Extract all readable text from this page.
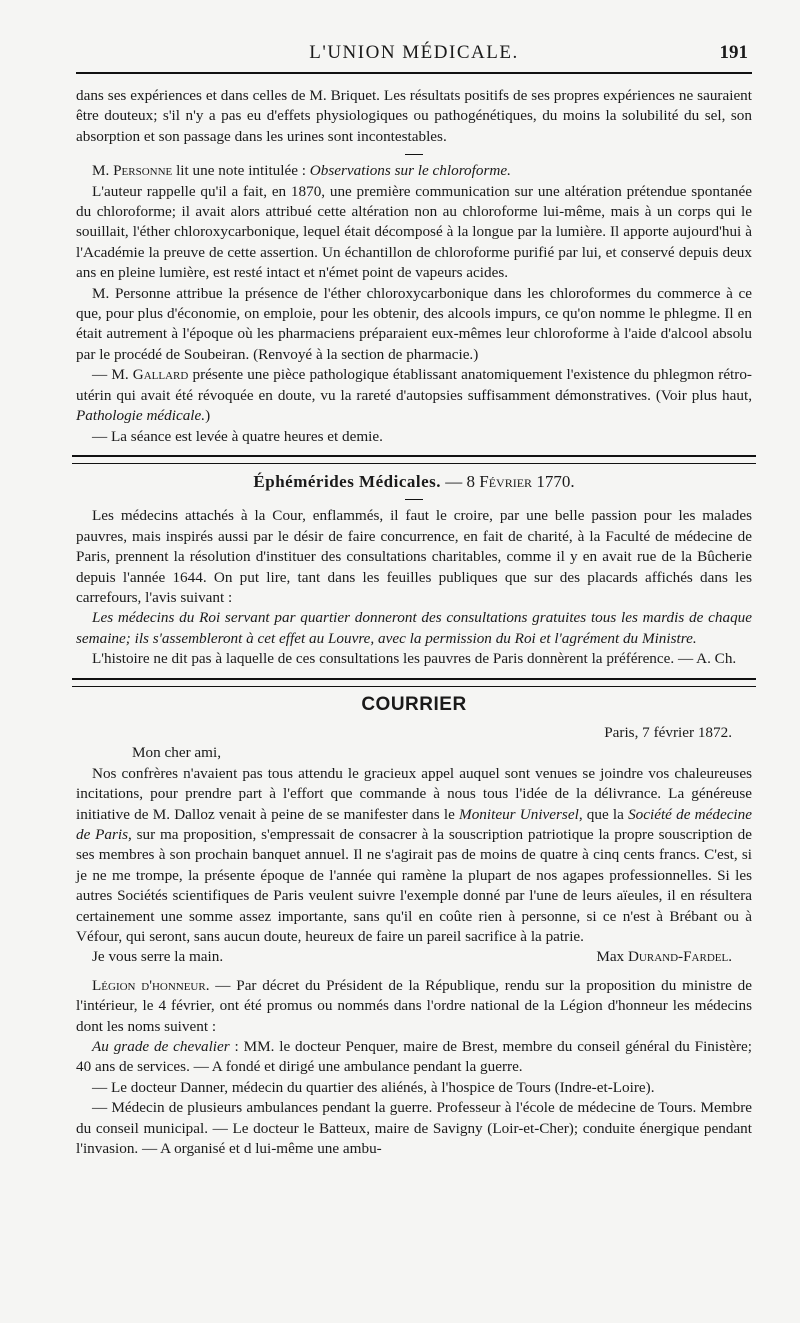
L'UNION MÉDICALE.	191

dans ses expériences et dans celles de M. Briquet. Les résultats positifs de ses propres expériences ne sauraient être douteux; s'il n'y a pas eu d'effets physiologiques ou pathogénétiques, du moins la solubilité du sel, son absorption et son passage dans les urines sont incontestables.

M. Personne lit une note intitulée : Observations sur le chloroforme.

L'auteur rappelle qu'il a fait, en 1870, une première communication sur une altération prétendue spontanée du chloroforme; il avait alors attribué cette altération non au chloroforme lui-même, mais à un corps qui le souillait, l'éther chloroxycarbonique, lequel était décomposé à la longue par la lumière. Il apporte aujourd'hui à l'Académie la preuve de cette assertion. Un échantillon de chloroforme purifié par lui, et conservé depuis deux ans en pleine lumière, est resté intact et n'émet point de vapeurs acides.

M. Personne attribue la présence de l'éther chloroxycarbonique dans les chloroformes du commerce à ce que, pour plus d'économie, on emploie, pour les obtenir, des alcools impurs, ce qu'on nomme le phlegme. Il en était autrement à l'époque où les pharmaciens préparaient eux-mêmes leur chloroforme à l'aide d'alcool absolu par le procédé de Soubeiran. (Renvoyé à la section de pharmacie.)

— M. Gallard présente une pièce pathologique établissant anatomiquement l'existence du phlegmon rétro-utérin qui avait été révoquée en doute, vu la rareté d'autopsies suffisamment démonstratives. (Voir plus haut, Pathologie médicale.)

— La séance est levée à quatre heures et demie.

Éphémérides Médicales. — 8 Février 1770.

Les médecins attachés à la Cour, enflammés, il faut le croire, par une belle passion pour les malades pauvres, mais inspirés aussi par le désir de faire concurrence, en fait de charité, à la Faculté de médecine de Paris, prennent la résolution d'instituer des consultations charitables, comme il y en avait rue de la Bûcherie depuis l'année 1644. On put lire, tant dans les feuilles publiques que sur des placards affichés dans les carrefours, l'avis suivant :

Les médecins du Roi servant par quartier donneront des consultations gratuites tous les mardis de chaque semaine; ils s'assembleront à cet effet au Louvre, avec la permission du Roi et l'agrément du Ministre.

L'histoire ne dit pas à laquelle de ces consultations les pauvres de Paris donnèrent la préférence. — A. Ch.

COURRIER

Paris, 7 février 1872.

Mon cher ami,

Nos confrères n'avaient pas tous attendu le gracieux appel auquel sont venues se joindre vos chaleureuses incitations, pour prendre part à l'effort que commande à nous tous l'idée de la délivrance. La généreuse initiative de M. Dalloz venait à peine de se manifester dans le Moniteur Universel, que la Société de médecine de Paris, sur ma proposition, s'empressait de consacrer à la souscription patriotique la propre souscription de ses membres à son prochain banquet annuel. Il ne s'agirait pas de moins de quatre à cinq cents francs. C'est, si je ne me trompe, la présente époque de l'année qui ramène la plupart de nos agapes professionnelles. Si les autres Sociétés scientifiques de Paris veulent suivre l'exemple donné par l'une de leurs aïeules, il en résultera certainement une somme assez importante, sans qu'il en coûte rien à personne, si ce n'est à Brébant ou à Véfour, qui seront, sans aucun doute, heureux de faire un pareil sacrifice à la patrie.

Je vous serre la main.	Max Durand-Fardel.

Légion d'honneur. — Par décret du Président de la République, rendu sur la proposition du ministre de l'intérieur, le 4 février, ont été promus ou nommés dans l'ordre national de la Légion d'honneur les médecins dont les noms suivent :

Au grade de chevalier : MM. le docteur Penquer, maire de Brest, membre du conseil général du Finistère; 40 ans de services. — A fondé et dirigé une ambulance pendant la guerre.

— Le docteur Danner, médecin du quartier des aliénés, à l'hospice de Tours (Indre-et-Loire).

— Médecin de plusieurs ambulances pendant la guerre. Professeur à l'école de médecine de Tours. Membre du conseil municipal. — Le docteur le Batteux, maire de Savigny (Loir-et-Cher); conduite énergique pendant l'invasion. — A organisé et d lui-même une ambu-
